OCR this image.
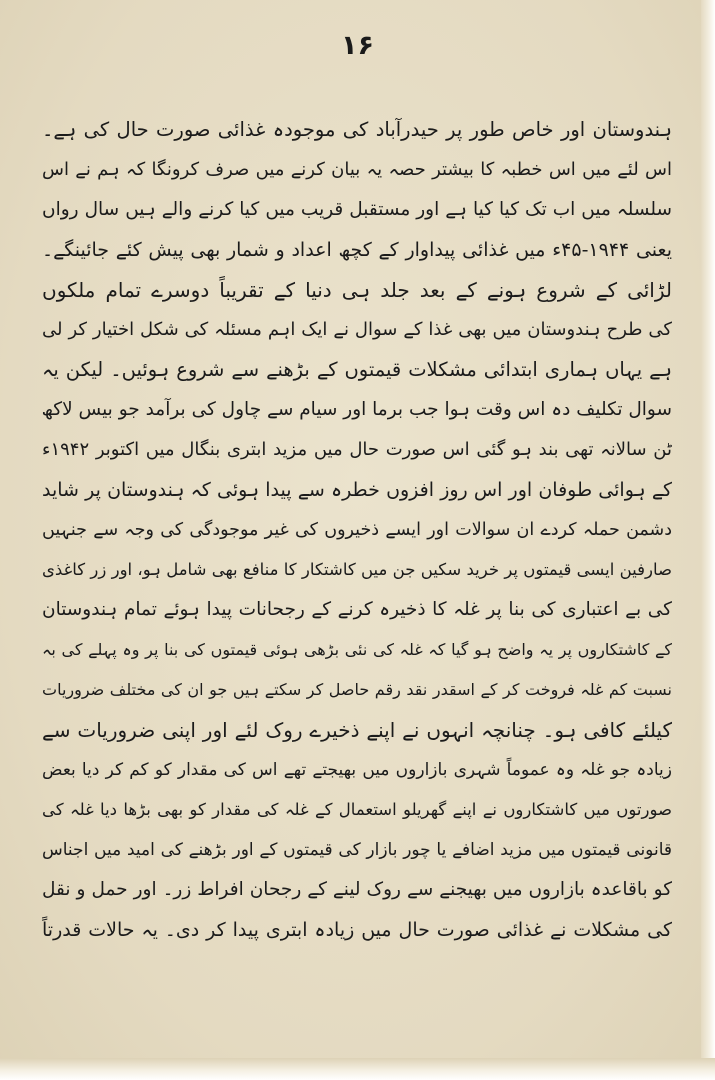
۱۶
ہندوستان اور خاص طور پر حیدرآباد کی موجودہ غذائی صورت حال کی ہے۔
اس لئے میں اس خطبہ کا بیشتر حصہ یہ بیان کرنے میں صرف کرونگا کہ ہم نے اس
سلسلہ میں اب تک کیا کیا ہے اور مستقبل قریب میں کیا کرنے والے ہیں سال رواں
یعنی ۱۹۴۴-۴۵ء میں غذائی پیداوار کے کچھ اعداد و شمار بھی پیش کئے جائینگے۔
لڑائی کے شروع ہونے کے بعد جلد ہی دنیا کے تقریباً دوسرے تمام ملکوں
کی طرح ہندوستان میں بھی غذا کے سوال نے ایک اہم مسئلہ کی شکل اختیار کر لی
ہے یہاں ہماری ابتدائی مشکلات قیمتوں کے بڑھنے سے شروع ہوئیں۔ لیکن یہ
سوال تکلیف دہ اس وقت ہوا جب برما اور سیام سے چاول کی برآمد جو بیس لاکھ
ٹن سالانہ تھی بند ہو گئی اس صورت حال میں مزید ابتری بنگال میں اکتوبر ۱۹۴۲ء
کے ہوائی طوفان اور اس روز افزوں خطرہ سے پیدا ہوئی کہ ہندوستان پر شاید
دشمن حملہ کردے ان سوالات اور ایسے ذخیروں کی غیر موجودگی کی وجہ سے جنہیں
صارفین ایسی قیمتوں پر خرید سکیں جن میں کاشتکار کا منافع بھی شامل ہو، اور زر کاغذی
کی بے اعتباری کی بنا پر غلہ کا ذخیرہ کرنے کے رجحانات پیدا ہوئے تمام ہندوستان
کے کاشتکاروں پر یہ واضح ہو گیا کہ غلہ کی نئی بڑھی ہوئی قیمتوں کی بنا پر وہ پہلے کی بہ
نسبت کم غلہ فروخت کر کے اسقدر نقد رقم حاصل کر سکتے ہیں جو ان کی مختلف ضروریات
کیلئے کافی ہو۔ چنانچہ انہوں نے اپنے ذخیرے روک لئے اور اپنی ضروریات سے
زیادہ جو غلہ وہ عموماً شہری بازاروں میں بھیجتے تھے اس کی مقدار کو کم کر دیا بعض
صورتوں میں کاشتکاروں نے اپنے گھریلو استعمال کے غلہ کی مقدار کو بھی بڑھا دیا غلہ کی
قانونی قیمتوں میں مزید اضافے یا چور بازار کی قیمتوں کے اور بڑھنے کی امید میں اجناس
کو باقاعدہ بازاروں میں بھیجنے سے روک لینے کے رجحان افراط زر۔ اور حمل و نقل
کی مشکلات نے غذائی صورت حال میں زیادہ ابتری پیدا کر دی۔ یہ حالات قدرتاً
